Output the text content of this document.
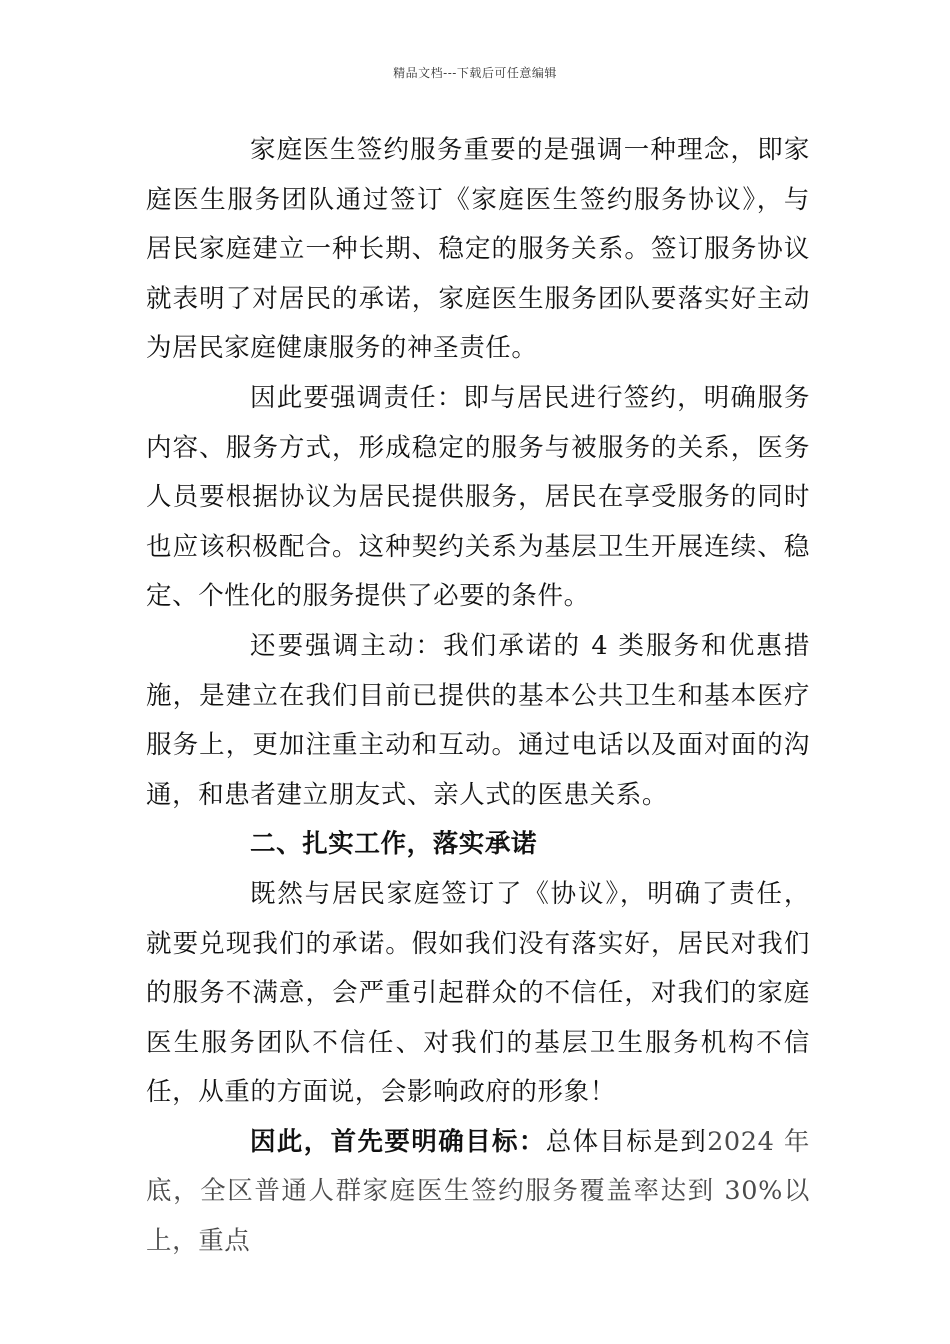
精品文档---下载后可任意编辑

家庭医生签约服务重要的是强调一种理念，即家庭医生服务团队通过签订《家庭医生签约服务协议》，与居民家庭建立一种长期、稳定的服务关系。签订服务协议就表明了对居民的承诺，家庭医生服务团队要落实好主动为居民家庭健康服务的神圣责任。

因此要强调责任：即与居民进行签约，明确服务内容、服务方式，形成稳定的服务与被服务的关系，医务人员要根据协议为居民提供服务，居民在享受服务的同时也应该积极配合。这种契约关系为基层卫生开展连续、稳定、个性化的服务提供了必要的条件。

还要强调主动：我们承诺的 4 类服务和优惠措施，是建立在我们目前已提供的基本公共卫生和基本医疗服务上，更加注重主动和互动。通过电话以及面对面的沟通，和患者建立朋友式、亲人式的医患关系。

二、扎实工作，落实承诺

既然与居民家庭签订了《协议》，明确了责任，就要兑现我们的承诺。假如我们没有落实好，居民对我们的服务不满意，会严重引起群众的不信任，对我们的家庭医生服务团队不信任、对我们的基层卫生服务机构不信任，从重的方面说，会影响政府的形象！

因此，首先要明确目标：总体目标是到2024 年底，全区普通人群家庭医生签约服务覆盖率达到 30%以上，重点
